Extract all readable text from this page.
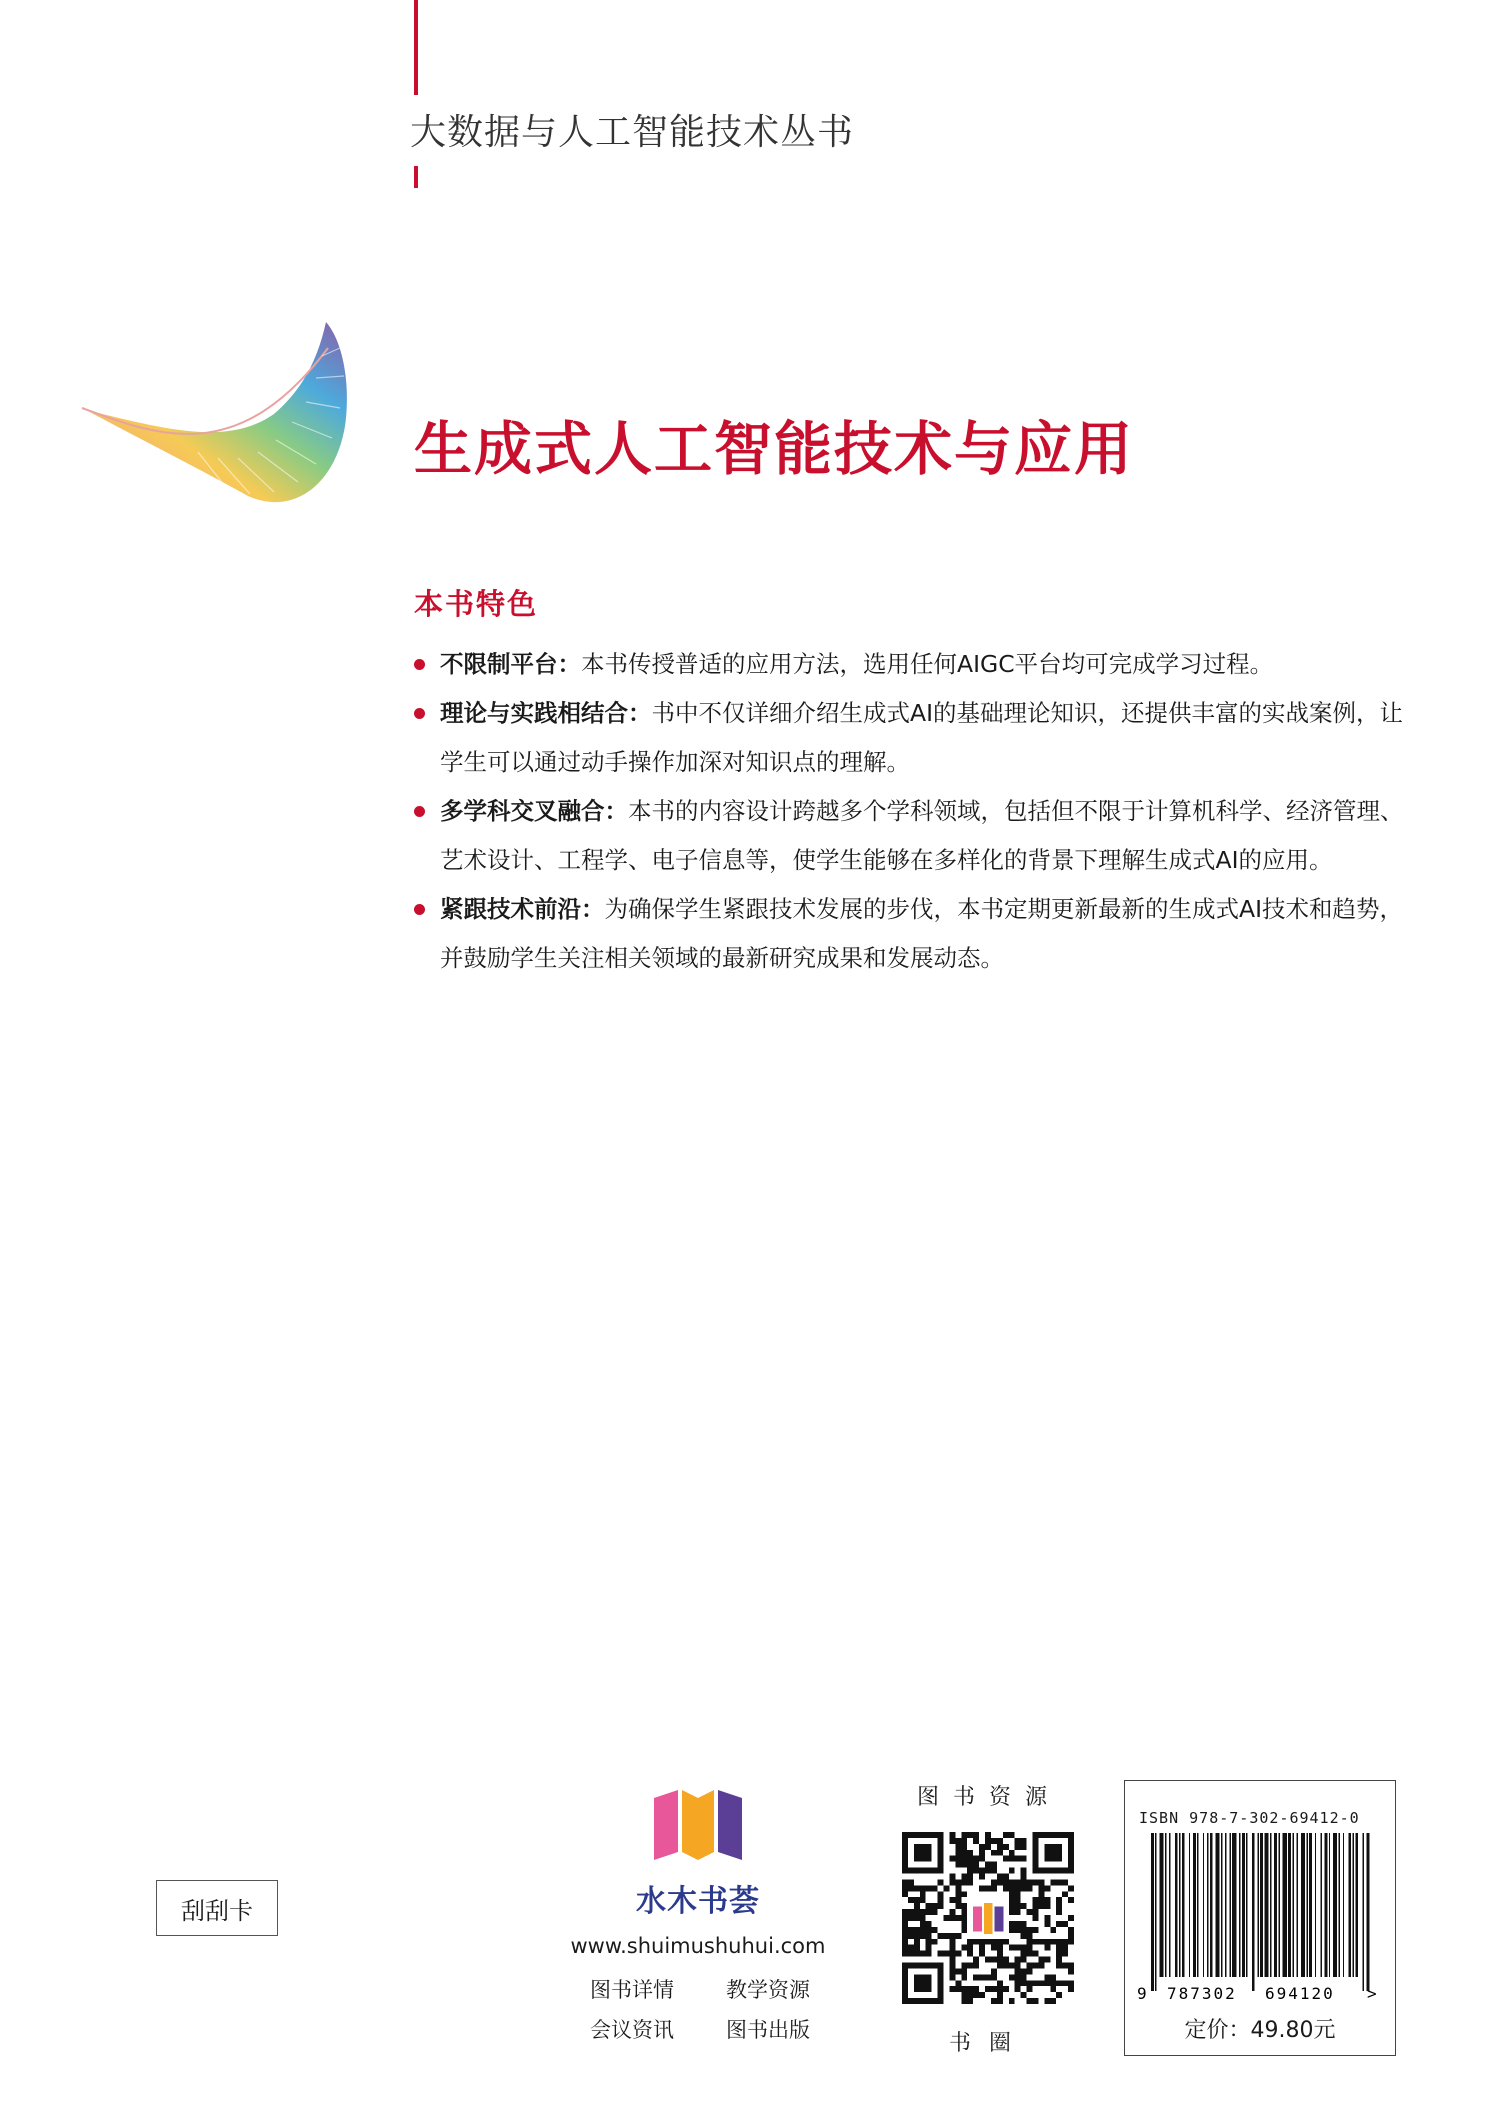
大数据与人工智能技术丛书
生成式人工智能技术与应用
本书特色
不限制平台：本书传授普适的应用方法，选用任何AIGC平台均可完成学习过程。
理论与实践相结合：书中不仅详细介绍生成式AI的基础理论知识，还提供丰富的实战案例，让学生可以通过动手操作加深对知识点的理解。
多学科交叉融合：本书的内容设计跨越多个学科领域，包括但不限于计算机科学、经济管理、艺术设计、工程学、电子信息等，使学生能够在多样化的背景下理解生成式AI的应用。
紧跟技术前沿：为确保学生紧跟技术发展的步伐，本书定期更新最新的生成式AI技术和趋势，并鼓励学生关注相关领域的最新研究成果和发展动态。
刮刮卡	水木书荟
www.shuimushuhui.com
图书详情 教学资源
会议资讯 图书出版
图书资源
书圈
ISBN 978-7-302-69412-0
9 787302 694120 >
定价：49.80元
